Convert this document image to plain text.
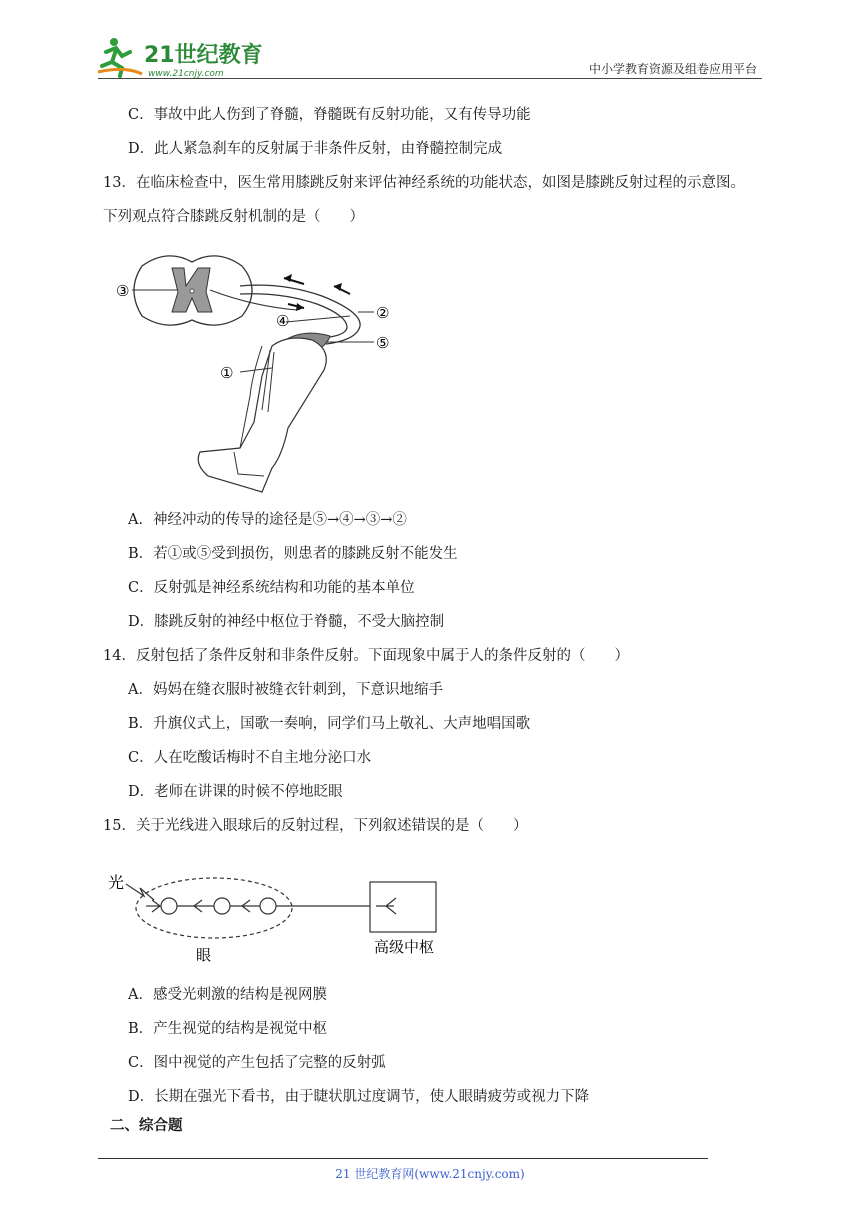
21世纪教育
www.21cnjy.com	中小学教育资源及组卷应用平台
C．事故中此人伤到了脊髓，脊髓既有反射功能，又有传导功能
D．此人紧急刹车的反射属于非条件反射，由脊髓控制完成
13．在临床检查中，医生常用膝跳反射来评估神经系统的功能状态，如图是膝跳反射过程的示意图。
下列观点符合膝跳反射机制的是（　　）
③
②
④
⑤
①
A．神经冲动的传导的途径是⑤→④→③→②
B．若①或⑤受到损伤，则患者的膝跳反射不能发生
C．反射弧是神经系统结构和功能的基本单位
D．膝跳反射的神经中枢位于脊髓，不受大脑控制
14．反射包括了条件反射和非条件反射。下面现象中属于人的条件反射的（　　）
A．妈妈在缝衣服时被缝衣针刺到，下意识地缩手
B．升旗仪式上，国歌一奏响，同学们马上敬礼、大声地唱国歌
C．人在吃酸话梅时不自主地分泌口水
D．老师在讲课的时候不停地眨眼
15．关于光线进入眼球后的反射过程，下列叙述错误的是（　　）
光
眼	高级中枢
A．感受光刺激的结构是视网膜
B．产生视觉的结构是视觉中枢
C．图中视觉的产生包括了完整的反射弧
D．长期在强光下看书，由于睫状肌过度调节，使人眼睛疲劳或视力下降
二、综合题
21 世纪教育网(www.21cnjy.com)
